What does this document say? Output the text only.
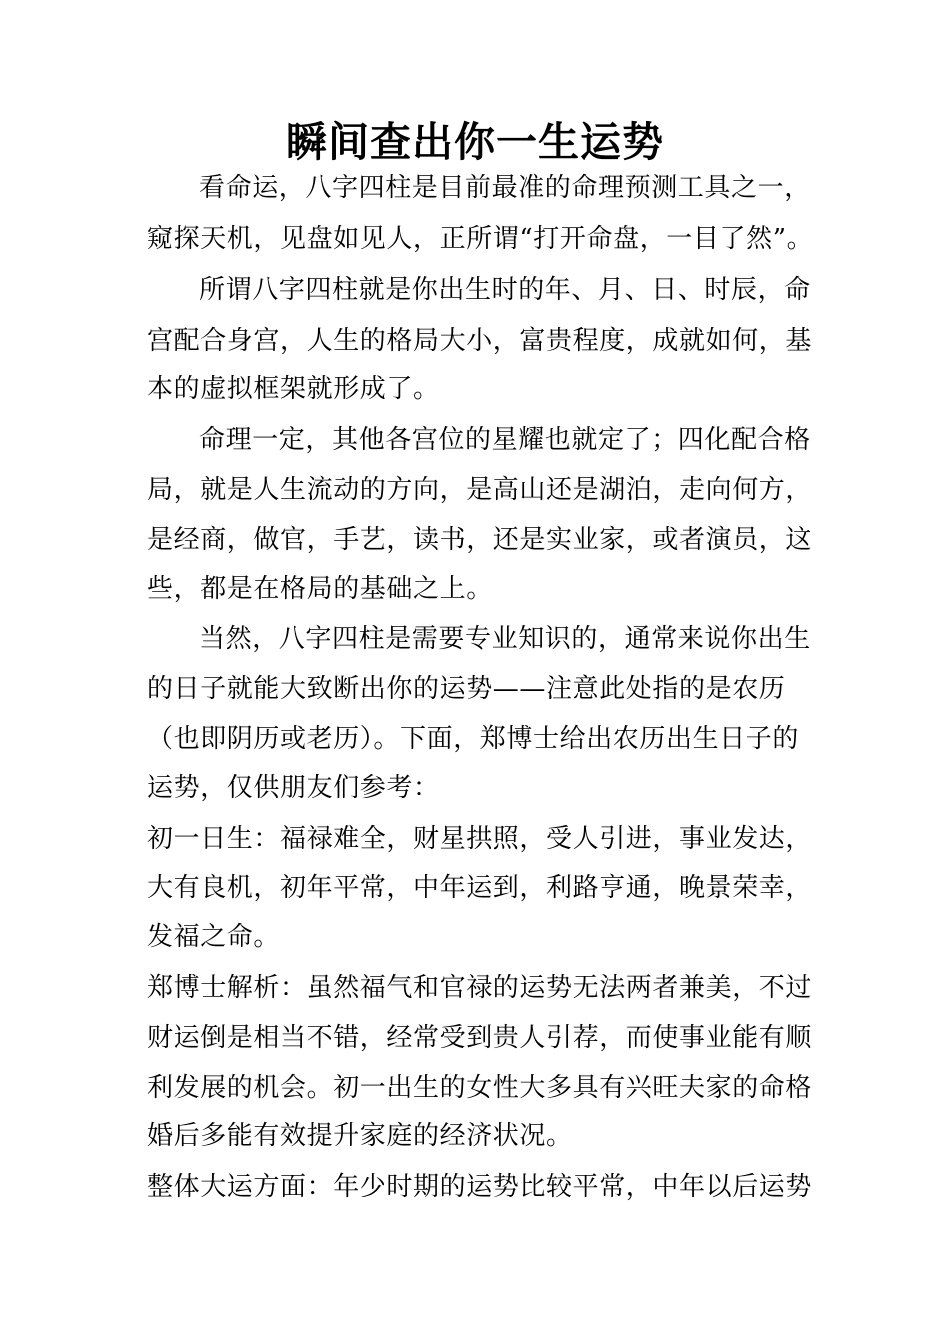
瞬间查出你一生运势
看命运，八字四柱是目前最准的命理预测工具之一，
窥探天机，见盘如见人，正所谓“打开命盘，一目了然”。
所谓八字四柱就是你出生时的年、月、日、时辰，命
宫配合身宫，人生的格局大小，富贵程度，成就如何，基
本的虚拟框架就形成了。
命理一定，其他各宫位的星耀也就定了；四化配合格
局，就是人生流动的方向，是高山还是湖泊，走向何方，
是经商，做官，手艺，读书，还是实业家，或者演员，这
些，都是在格局的基础之上。
当然，八字四柱是需要专业知识的，通常来说你出生
的日子就能大致断出你的运势——注意此处指的是农历
（也即阴历或老历）。下面，郑博士给出农历出生日子的
运势，仅供朋友们参考：
初一日生：福禄难全，财星拱照，受人引进，事业发达，
大有良机，初年平常，中年运到，利路亨通，晚景荣幸，
发福之命。
郑博士解析：虽然福气和官禄的运势无法两者兼美，不过
财运倒是相当不错，经常受到贵人引荐，而使事业能有顺
利发展的机会。初一出生的女性大多具有兴旺夫家的命格
婚后多能有效提升家庭的经济状况。
整体大运方面：年少时期的运势比较平常，中年以后运势
